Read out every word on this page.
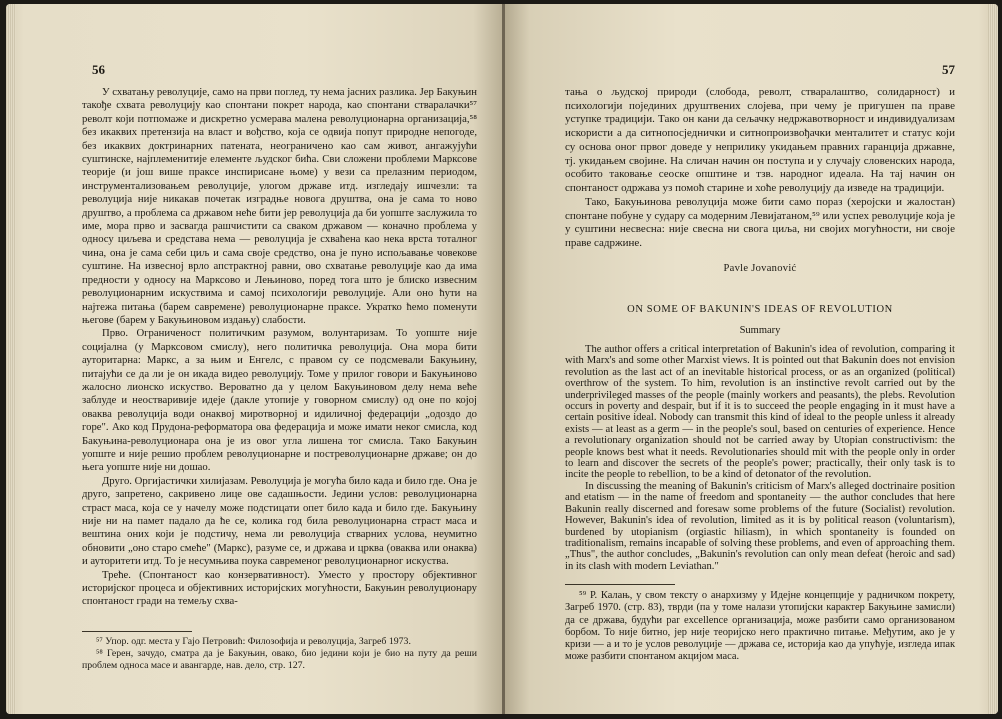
56

У схватању револуције, само на први поглед, ту нема јасних разлика. Јер Бакуњин такође схвата револуцију као спонтани покрет народа, као спонтани стваралачки⁵⁷ револт који потпомаже и дискретно усмерава малена револуционарна организација,⁵⁸ без икаквих претензија на власт и вођство, која се одвија попут природне непогоде, без икаквих доктринарних патената, неограничено као сам живот, ангажујући суштинске, најплеменитије елементе људског бића. Сви сложени проблеми Марксове теорије (и још више праксе инспирисане њоме) у вези са прелазним периодом, инструментализовањем револуције, улогом државе итд. изгледају ишчезли: та револуција није никакав почетак изградње новога друштва, она је сама то ново друштво, а проблема са државом неће бити јер револуција да би уопште заслужила то име, мора прво и засвагда рашчистити са сваком државом — коначно проблема у односу циљева и средстава нема — револуција је схваћена као нека врста тоталног чина, она је сама себи циљ и сама своје средство, она је пуно испољавање човекове суштине. На извесној врло апстрактној равни, ово схватање револуције као да има предности у односу на Марксово и Лењиново, поред тога што је блиско извесним револуционарним искуствима и самој психологији револуције. Али оно ћути на најтежа питања (барем савремене) револуционарне праксе. Укратко ћемо поменути његове (барем у Бакуњиновом издању) слабости.

Прво. Ограниченост политичким разумом, волунтаризам. То уопште није социјална (у Марксовом смислу), него политичка револуција. Она мора бити ауторитарна: Маркс, а за њим и Енгелс, с правом су се подсмевали Бакуњину, питајући се да ли је он икада видео револуцију. Томе у прилог говори и Бакуњиново жалосно лионско искуство. Вероватно да у целом Бакуњиновом делу нема веће заблуде и неостваривије идеје (дакле утопије у говорном смислу) од оне по којој оваква револуција води онаквој миротворној и идиличној федерацији „одоздо до горе". Ако код Прудона-реформатора ова федерација и може имати неког смисла, код Бакуњина-револуционара она је из овог угла лишена тог смисла. Тако Бакуњин уопште и није решио проблем револуционарне и постреволуционарне државе; он до њега уопште није ни дошао.

Друго. Оргијастички хилијазам. Револуција је могућа било када и било где. Она је друго, запретено, сакривено лице ове садашњости. Једини услов: револуционарна страст маса, која се у начелу може подстицати опет било када и било где. Бакуњину није ни на памет падало да ће се, колика год била револуционарна страст маса и вештина оних који је подстичу, нема ли револуција стварних услова, неумитно обновити „оно старо смеће" (Маркс), разуме се, и државa и црква (оваква или онаква) и ауторитети итд. То је несумњива поука савременог револуционарног искуства.

Треће. (Спонтаност као конзервативност). Уместо у простору објективног историјског процеса и објективних историјских могућности, Бакуњин револуционару спонтаност гради на темељу схва-

⁵⁷ Упор. одг. места у Гајо Петровић: Филозофија и револуција, Загреб 1973.

⁵⁸ Герен, зачудо, сматра да је Бакуњин, овако, био једини који је био на путу да реши проблем односа масе и авангарде, нав. дело, стр. 127.

57

тања о људској природи (слобода, револт, стваралаштво, солидарност) и психологији појединих друштвених слојева, при чему је пригушен па праве уступке традицији. Тако он кани да сељачку недржавотворност и индивидуализам искористи а да ситнопосједнички и ситнопроизвођачки менталитет и статус који су основа оног првог доведе у неприлику укидањем правних гаранција државне, тј. укидањем својине. На сличан начин он поступа и у случају словенских народа, особито таковање сеоске општине и тзв. народног идеала. На тај начин он спонтаност одржава уз помоћ старине и хоће револуцију да изведе на традицији.

Тако, Бакуњинова револуција може бити само пораз (херојски и жалостан) спонтане побуне у судару са модерним Левијатаном,⁵⁹ или успех револуције која је у суштини несвесна: није свесна ни свога циља, ни својих могућности, ни своје праве садржине.

Pavle Jovanović
ON SOME OF BAKUNIN'S IDEAS OF REVOLUTION
Summary

The author offers a critical interpretation of Bakunin's idea of revolution, comparing it with Marx's and some other Marxist views. It is pointed out that Bakunin does not envision revolution as the last act of an inevitable historical process, or as an organized (political) overthrow of the system. To him, revolution is an instinctive revolt carried out by the underprivileged masses of the people (mainly workers and peasants), the plebs. Revolution occurs in poverty and despair, but if it is to succeed the people engaging in it must have a certain positive ideal. Nobody can transmit this kind of ideal to the people unless it already exists — at least as a germ — in the people's soul, based on centuries of experience. Hence a revolutionary organization should not be carried away by Utopian constructivism: the people knows best what it needs. Revolutionaries should mit with the people only in order to learn and discover the secrets of the people's power; practically, their only task is to incite the people to rebellion, to be a kind of detonator of the revolution.

In discussing the meaning of Bakunin's criticism of Marx's alleged doctrinaire position and etatism — in the name of freedom and spontaneity — the author concludes that here Bakunin really discerned and foresaw some problems of the future (Socialist) revolution. However, Bakunin's idea of revolution, limited as it is by political reason (voluntarism), burdened by utopianism (orgiastic hiliasm), in which spontaneity is founded on traditionalism, remains incapable of solving these problems, and even of approaching them. „Thus", the author concludes, „Bakunin's revolution can only mean defeat (heroic and sad) in its clash with modern Leviathan."

⁵⁹ Р. Калањ, у свом тексту о анархизму у Идејне концепције у радничком покрету, Загреб 1970. (стр. 83), тврди (па у томе налази утопијски карактер Бакуњине замисли) да се држава, будући par excellence организација, може разбити само организованом борбом. То није битно, јер није теоријско него практично питање. Међутим, ако је у кризи — а и то је услов револуције — држава се, историја као да упућује, изгледа ипак може разбити спонтаном акцијом маса.
